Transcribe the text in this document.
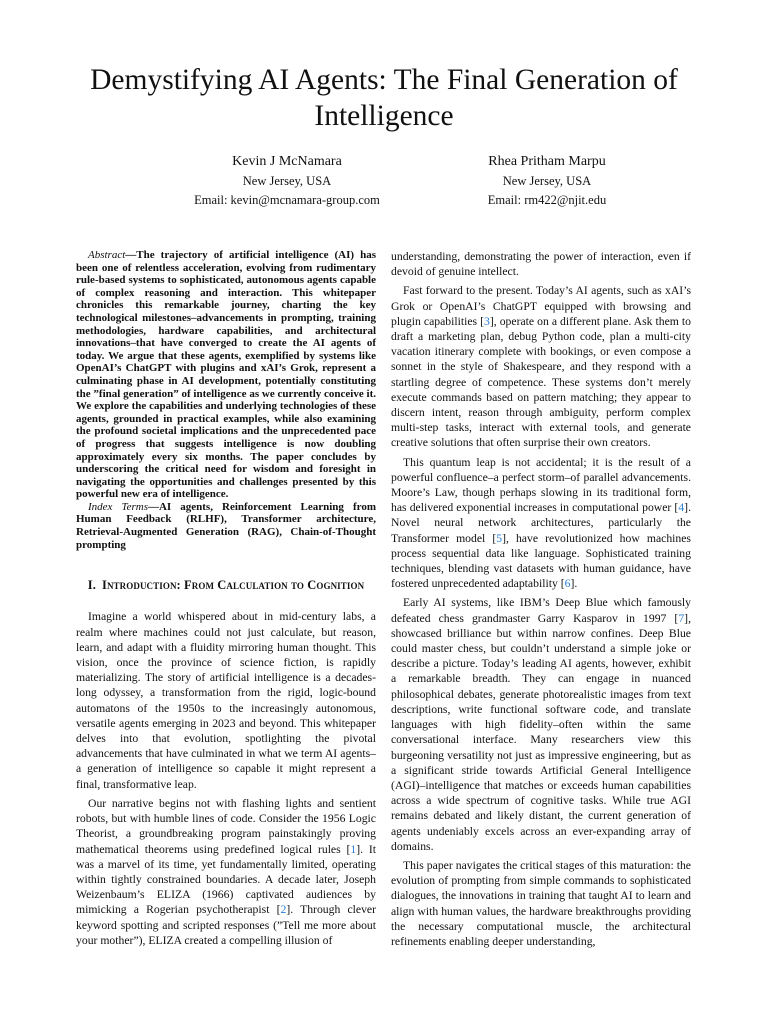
Demystifying AI Agents: The Final Generation of
Intelligence
Kevin J McNamara
New Jersey, USA
Email: kevin@mcnamara-group.com
Rhea Pritham Marpu
New Jersey, USA
Email: rm422@njit.edu

Abstract—The trajectory of artificial intelligence (AI) has been one of relentless acceleration, evolving from rudimentary rule-based systems to sophisticated, autonomous agents capable of complex reasoning and interaction. This whitepaper chronicles this remarkable journey, charting the key technological milestones–advancements in prompting, training methodologies, hardware capabilities, and architectural innovations–that have converged to create the AI agents of today. We argue that these agents, exemplified by systems like OpenAI’s ChatGPT with plugins and xAI’s Grok, represent a culminating phase in AI development, potentially constituting the ”final generation” of intelligence as we currently conceive it. We explore the capabilities and underlying technologies of these agents, grounded in practical examples, while also examining the profound societal implications and the unprecedented pace of progress that suggests intelligence is now doubling approximately every six months. The paper concludes by underscoring the critical need for wisdom and foresight in navigating the opportunities and challenges presented by this powerful new era of intelligence.

Index Terms—AI agents, Reinforcement Learning from Human Feedback (RLHF), Transformer architecture, Retrieval-Augmented Generation (RAG), Chain-of-Thought prompting

I. Introduction: From Calculation to Cognition

Imagine a world whispered about in mid-century labs, a realm where machines could not just calculate, but reason, learn, and adapt with a fluidity mirroring human thought. This vision, once the province of science fiction, is rapidly materializing. The story of artificial intelligence is a decades-long odyssey, a transformation from the rigid, logic-bound automatons of the 1950s to the increasingly autonomous, versatile agents emerging in 2023 and beyond. This whitepaper delves into that evolution, spotlighting the pivotal advancements that have culminated in what we term AI agents–a generation of intelligence so capable it might represent a final, transformative leap.

Our narrative begins not with flashing lights and sentient robots, but with humble lines of code. Consider the 1956 Logic Theorist, a groundbreaking program painstakingly proving mathematical theorems using predefined logical rules [1]. It was a marvel of its time, yet fundamentally limited, operating within tightly constrained boundaries. A decade later, Joseph Weizenbaum’s ELIZA (1966) captivated audiences by mimicking a Rogerian psychotherapist [2]. Through clever keyword spotting and scripted responses (”Tell me more about your mother”), ELIZA created a compelling illusion of

understanding, demonstrating the power of interaction, even if devoid of genuine intellect.

Fast forward to the present. Today’s AI agents, such as xAI’s Grok or OpenAI’s ChatGPT equipped with browsing and plugin capabilities [3], operate on a different plane. Ask them to draft a marketing plan, debug Python code, plan a multi-city vacation itinerary complete with bookings, or even compose a sonnet in the style of Shakespeare, and they respond with a startling degree of competence. These systems don’t merely execute commands based on pattern matching; they appear to discern intent, reason through ambiguity, perform complex multi-step tasks, interact with external tools, and generate creative solutions that often surprise their own creators.

This quantum leap is not accidental; it is the result of a powerful confluence–a perfect storm–of parallel advancements. Moore’s Law, though perhaps slowing in its traditional form, has delivered exponential increases in computational power [4]. Novel neural network architectures, particularly the Transformer model [5], have revolutionized how machines process sequential data like language. Sophisticated training techniques, blending vast datasets with human guidance, have fostered unprecedented adaptability [6].

Early AI systems, like IBM’s Deep Blue which famously defeated chess grandmaster Garry Kasparov in 1997 [7], showcased brilliance but within narrow confines. Deep Blue could master chess, but couldn’t understand a simple joke or describe a picture. Today’s leading AI agents, however, exhibit a remarkable breadth. They can engage in nuanced philosophical debates, generate photorealistic images from text descriptions, write functional software code, and translate languages with high fidelity–often within the same conversational interface. Many researchers view this burgeoning versatility not just as impressive engineering, but as a significant stride towards Artificial General Intelligence (AGI)–intelligence that matches or exceeds human capabilities across a wide spectrum of cognitive tasks. While true AGI remains debated and likely distant, the current generation of agents undeniably excels across an ever-expanding array of domains.

This paper navigates the critical stages of this maturation: the evolution of prompting from simple commands to sophisticated dialogues, the innovations in training that taught AI to learn and align with human values, the hardware breakthroughs providing the necessary computational muscle, the architectural refinements enabling deeper understanding,
